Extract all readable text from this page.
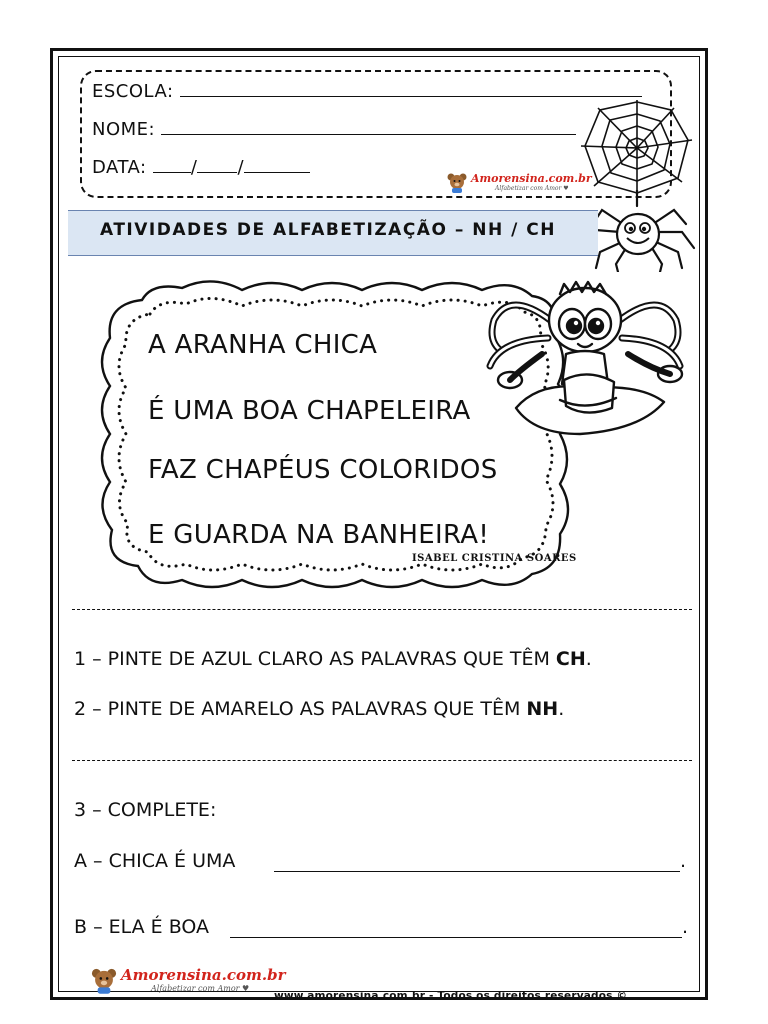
ESCOLA:
NOME:
DATA: / /
Amorensina.com.br
Alfabetizar com Amor ♥
ATIVIDADES DE ALFABETIZAÇÃO – NH / CH
A ARANHA CHICA
É UMA BOA CHAPELEIRA
FAZ CHAPÉUS COLORIDOS
E GUARDA NA BANHEIRA!
ISABEL CRISTINA SOARES
1 – PINTE DE AZUL CLARO AS PALAVRAS QUE TÊM CH.
2 – PINTE DE AMARELO AS PALAVRAS QUE TÊM NH.
3 – COMPLETE:
A – CHICA É UMA	.
B – ELA É BOA	.
Amorensina.com.br
Alfabetizar com Amor ♥
www.amorensina.com.br - Todos os direitos reservados ©
